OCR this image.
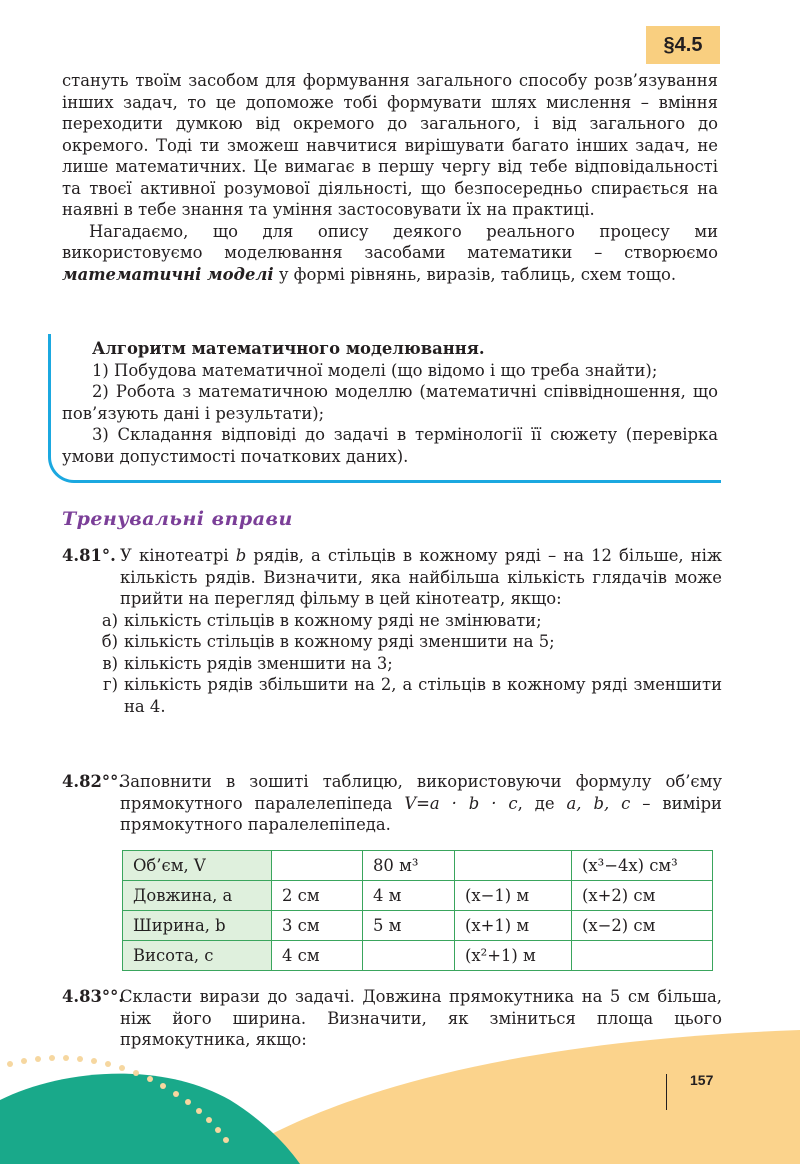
§4.5

стануть твоїм засобом для формування загального способу розв’язування інших задач, то це допоможе тобі формувати шлях мислення – вміння переходити думкою від окремого до загального, і від загального до окремого. Тоді ти зможеш навчитися вирішувати багато інших задач, не лише математичних. Це вимагає в першу чергу від тебе відповідальності та твоєї активної розумової діяльності, що безпосередньо спирається на наявні в тебе знання та уміння застосовувати їх на практиці.

Нагадаємо, що для опису деякого реального процесу ми використовуємо моделювання засобами математики – створюємо математичні моделі у формі рівнянь, виразів, таблиць, схем тощо.

Алгоритм математичного моделювання.

1) Побудова математичної моделі (що відомо і що треба знайти);

2) Робота з математичною моделлю (математичні співвідношення, що пов’язують дані і результати);

3) Складання відповіді до задачі в термінології її сюжету (перевірка умови допустимості початкових даних).

Тренувальні вправи
4.81°. У кінотеатрі b рядів, а стільців в кожному ряді – на 12 більше, ніж кількість рядів. Визначити, яка найбільша кількість глядачів може прийти на перегляд фільму в цей кінотеатр, якщо:
а) кількість стільців в кожному ряді не змінювати;
б) кількість стільців в кожному ряді зменшити на 5;
в) кількість рядів зменшити на 3;
г) кількість рядів збільшити на 2, а стільців в кожному ряді зменшити на 4.
4.82°°.
Заповнити в зошиті таблицю, використовуючи формулу об’єму прямокутного паралелепіпеда V=a · b · c, де a, b, c – виміри прямокутного паралелепіпеда.
Об’єм, V		80 м³		(x³−4x) см³
Довжина, a	2 см	4 м	(x−1) м	(x+2) см
Ширина, b	3 см	5 м	(x+1) м	(x−2) см
Висота, c	4 см		(x²+1) м	
4.83°°.
Скласти вирази до задачі. Довжина прямокутника на 5 см більша, ніж його ширина. Визначити, як зміниться площа цього прямокутника, якщо:
157
